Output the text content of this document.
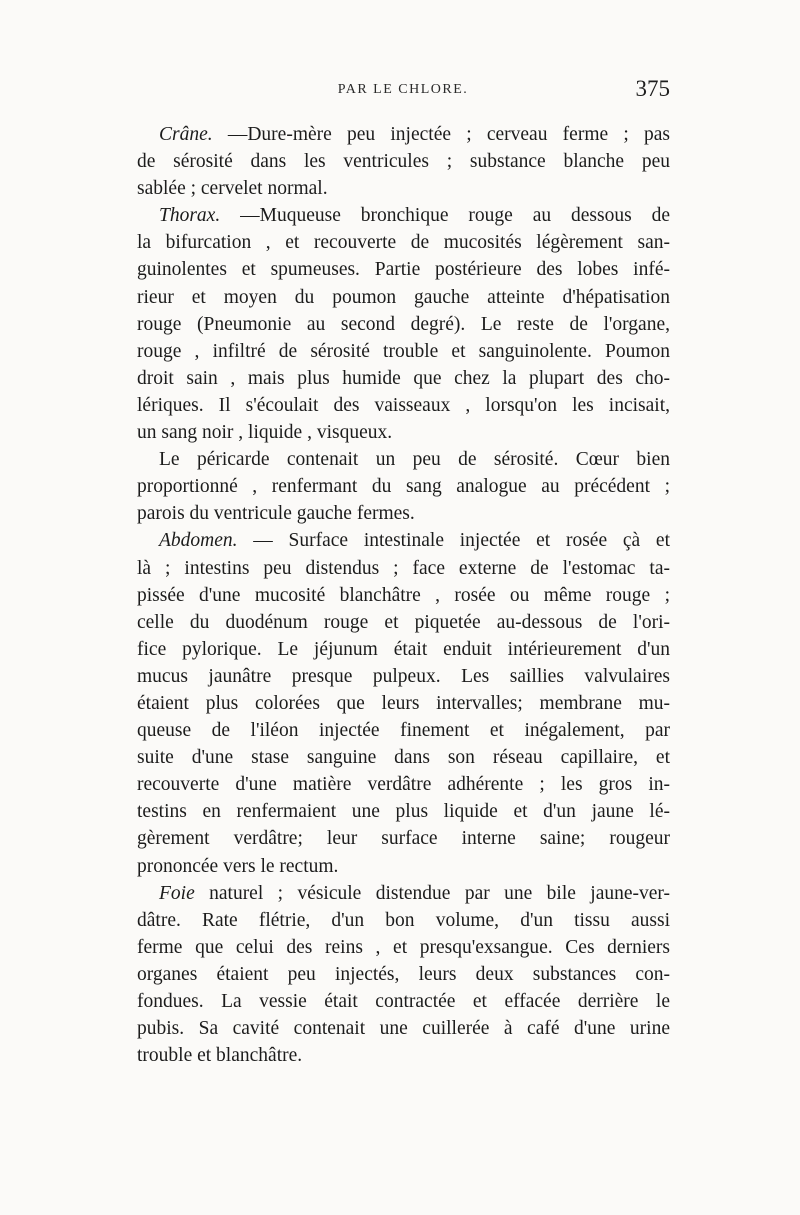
PAR LE CHLORE.	375
Crâne. —Dure-mère peu injectée ; cerveau ferme ; pas
de sérosité dans les ventricules ; substance blanche peu
sablée ; cervelet normal.
Thorax. —Muqueuse bronchique rouge au dessous de
la bifurcation , et recouverte de mucosités légèrement san-
guinolentes et spumeuses. Partie postérieure des lobes infé-
rieur et moyen du poumon gauche atteinte d'hépatisation
rouge (Pneumonie au second degré). Le reste de l'organe,
rouge , infiltré de sérosité trouble et sanguinolente. Poumon
droit sain , mais plus humide que chez la plupart des cho-
lériques. Il s'écoulait des vaisseaux , lorsqu'on les incisait,
un sang noir , liquide , visqueux.
Le péricarde contenait un peu de sérosité. Cœur bien
proportionné , renfermant du sang analogue au précédent ;
parois du ventricule gauche fermes.
Abdomen. — Surface intestinale injectée et rosée çà et
là ; intestins peu distendus ; face externe de l'estomac ta-
pissée d'une mucosité blanchâtre , rosée ou même rouge ;
celle du duodénum rouge et piquetée au-dessous de l'ori-
fice pylorique. Le jéjunum était enduit intérieurement d'un
mucus jaunâtre presque pulpeux. Les saillies valvulaires
étaient plus colorées que leurs intervalles; membrane mu-
queuse de l'iléon injectée finement et inégalement, par
suite d'une stase sanguine dans son réseau capillaire, et
recouverte d'une matière verdâtre adhérente ; les gros in-
testins en renfermaient une plus liquide et d'un jaune lé-
gèrement verdâtre; leur surface interne saine; rougeur
prononcée vers le rectum.
Foie naturel ; vésicule distendue par une bile jaune-ver-
dâtre. Rate flétrie, d'un bon volume, d'un tissu aussi
ferme que celui des reins , et presqu'exsangue. Ces derniers
organes étaient peu injectés, leurs deux substances con-
fondues. La vessie était contractée et effacée derrière le
pubis. Sa cavité contenait une cuillerée à café d'une urine
trouble et blanchâtre.
